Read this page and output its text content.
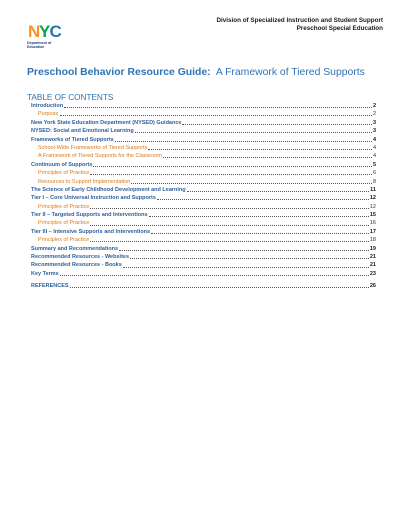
N
Y C
Department of
Education
Division of Specialized Instruction and Student Support
Preschool Special Education
Preschool Behavior Resource Guide: A Framework of Tiered Supports
TABLE OF CONTENTS
Introduction	2
Purpose	2
New York State Education Department (NYSED) Guidance	3
NYSED: Social and Emotional Learning	3
Frameworks of Tiered Supports	4
School-Wide Frameworks of Tiered Supports	4
A Framework of Tiered Supports for the Classroom	4
Continuum of Supports	5
Principles of Practice	6
Resources to Support Implementation	8
The Science of Early Childhood Development and Learning	11
Tier I – Core Universal Instruction and Supports	12
Principles of Practice	12
Tier II – Targeted Supports and Interventions	15
Principles of Practice	16
Tier III – Intensive Supports and Interventions	17
Principles of Practice	18
Summary and Recommendations	19
Recommended Resources - Websites	21
Recommended Resources - Books	21
Key Terms	23
REFERENCES	26
